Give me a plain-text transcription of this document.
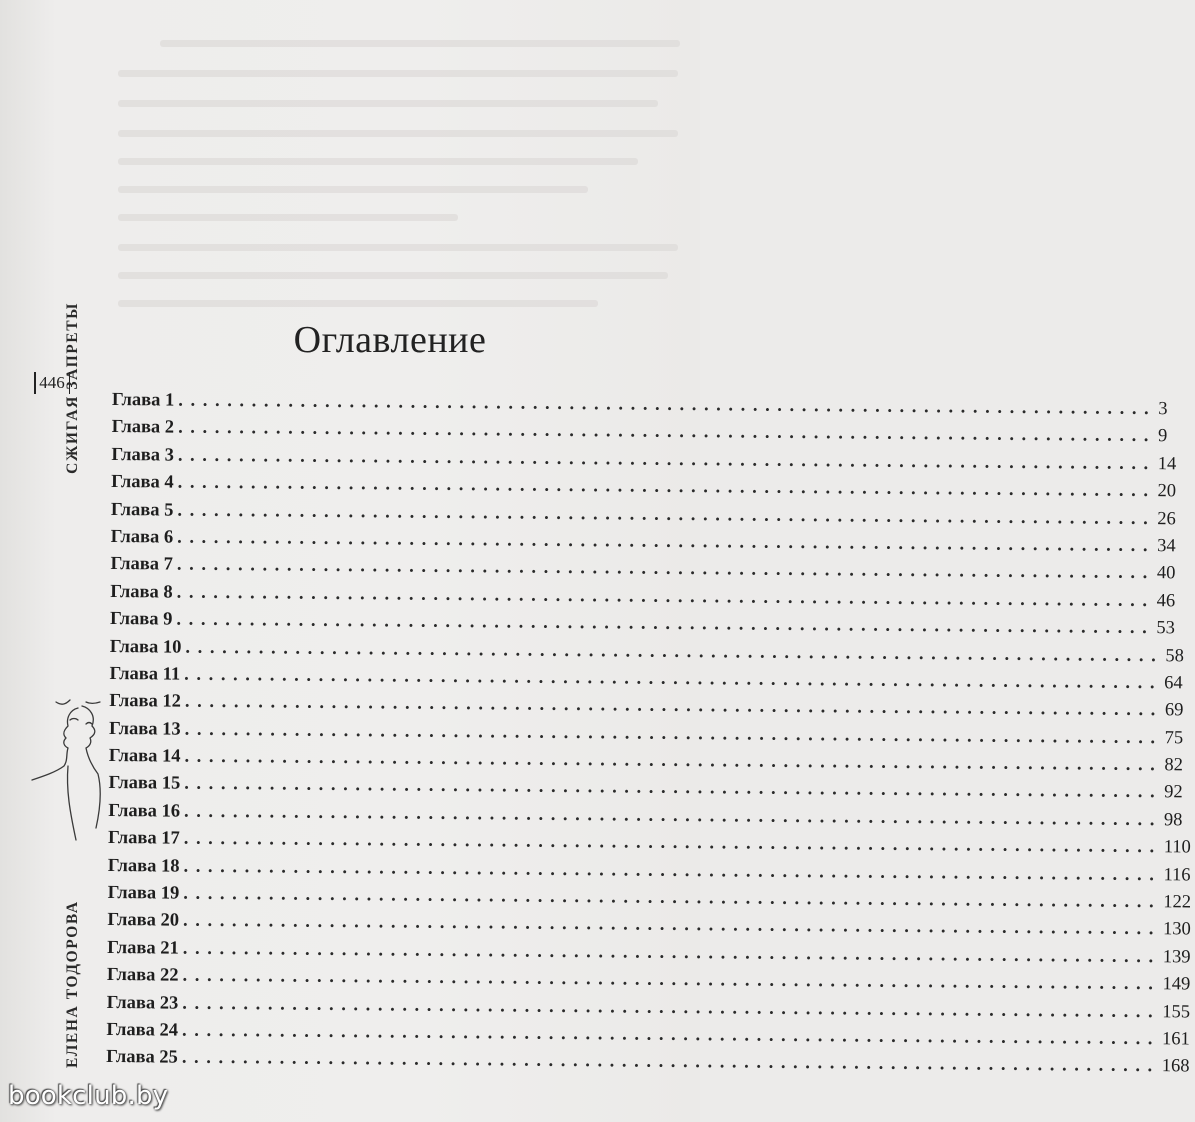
Оглавление
Глава 1 ................................................................................ 3
Глава 2 ................................................................................ 9
Глава 3 ................................................................................ 14
Глава 4 ................................................................................ 20
Глава 5 ................................................................................ 26
Глава 6 ................................................................................ 34
Глава 7 ................................................................................ 40
Глава 8 ................................................................................ 46
Глава 9 ................................................................................ 53
Глава 10 ................................................................................ 58
Глава 11 ................................................................................ 64
Глава 12 ................................................................................ 69
Глава 13 ................................................................................ 75
Глава 14 ................................................................................ 82
Глава 15 ................................................................................ 92
Глава 16 ................................................................................ 98
Глава 17 ................................................................................ 110
Глава 18 ................................................................................ 116
Глава 19 ................................................................................ 122
Глава 20 ................................................................................ 130
Глава 21 ................................................................................ 139
Глава 22 ................................................................................ 149
Глава 23 ................................................................................ 155
Глава 24 ................................................................................ 161
Глава 25 ................................................................................ 168
446 СЖИГАЯ ЗАПРЕТЫ
ЕЛЕНА ТОДОРОВА
bookclub.by
